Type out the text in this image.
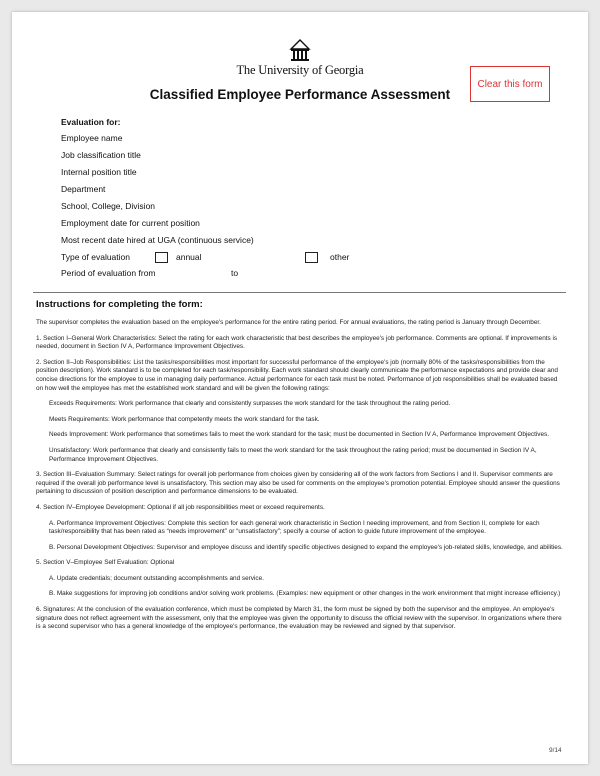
The University of Georgia
Classified Employee Performance Assessment
Clear this form
Evaluation for:
Employee name
Job classification title
Internal position title
Department
School, College, Division
Employment date for current position
Most recent date hired at UGA (continuous service)
Type of evaluation	annual	other
Period of evaluation from	to
Instructions for completing the form:

The supervisor completes the evaluation based on the employee's performance for the entire rating period. For annual evaluations, the rating period is January through December.

1. Section I–General Work Characteristics: Select the rating for each work characteristic that best describes the employee's job performance. Comments are optional. If improvements is needed, document in Section IV A, Performance Improvement Objectives.

2. Section II–Job Responsibilities: List the tasks/responsibilities most important for successful performance of the employee's job (normally 80% of the tasks/responsibilities from the position description). Work standard is to be completed for each task/responsibility. Each work standard should clearly communicate the performance expectations and provide clear and concise directions for the employee to use in managing daily performance. Actual performance for each task must be noted. Performance of job responsibilities shall be evaluated based on how well the employee has met the established work standard and will be given the following ratings:

Exceeds Requirements: Work performance that clearly and consistently surpasses the work standard for the task throughout the rating period.

Meets Requirements: Work performance that competently meets the work standard for the task.

Needs Improvement: Work performance that sometimes fails to meet the work standard for the task; must be documented in Section IV A, Performance Improvement Objectives.

Unsatisfactory: Work performance that clearly and consistently fails to meet the work standard for the task throughout the rating period; must be documented in Section IV A, Performance Improvement Objectives.

3. Section III–Evaluation Summary: Select ratings for overall job performance from choices given by considering all of the work factors from Sections I and II. Supervisor comments are required if the overall job performance level is unsatisfactory. This section may also be used for comments on the employee's promotion potential. Employee should answer the questions pertaining to discussion of position description and performance dimensions to be evaluated.

4. Section IV–Employee Development: Optional if all job responsibilities meet or exceed requirements.

A. Performance Improvement Objectives: Complete this section for each general work characteristic in Section I needing improvement, and from Section II, complete for each task/responsibility that has been rated as “needs improvement” or “unsatisfactory”; specify a course of action to guide future improvement of the employee.

B. Personal Development Objectives: Supervisor and employee discuss and identify specific objectives designed to expand the employee's job-related skills, knowledge, and abilities.

5. Section V–Employee Self Evaluation: Optional

A. Update credentials; document outstanding accomplishments and service.

B. Make suggestions for improving job conditions and/or solving work problems. (Examples: new equipment or other changes in the work environment that might increase efficiency.)

6. Signatures: At the conclusion of the evaluation conference, which must be completed by March 31, the form must be signed by both the supervisor and the employee. An employee's signature does not reflect agreement with the assessment, only that the employee was given the opportunity to discuss the official review with the supervisor. In organizations where there is a second supervisor who has a general knowledge of the employee's performance, the evaluation may be reviewed and signed by that supervisor.

9/14
